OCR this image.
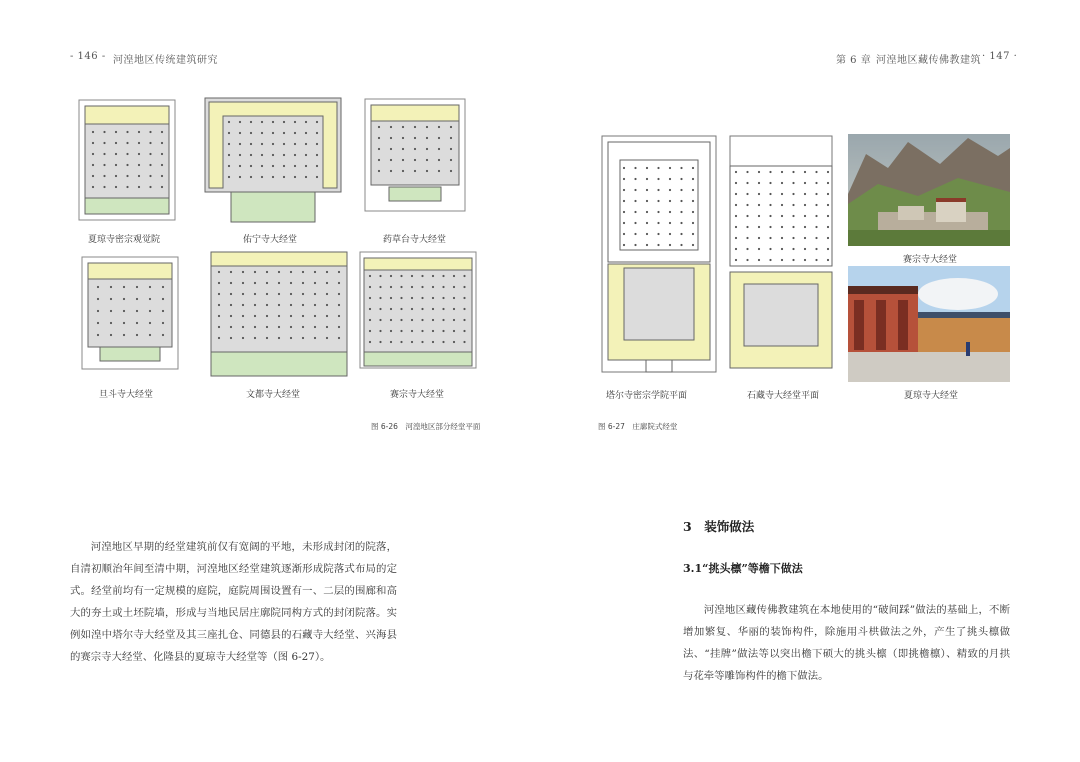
- 146 - 河湟地区传统建筑研究	第 6 章 河湟地区藏传佛教建筑 · 147 ·
夏琼寺密宗观觉院	佑宁寺大经堂	药草台寺大经堂
旦斗寺大经堂	文都寺大经堂	赛宗寺大经堂
图 6-26　河湟地区部分经堂平面
塔尔寺密宗学院平面	石藏寺大经堂平面
赛宗寺大经堂
夏琼寺大经堂
图 6-27　庄廓院式经堂

河湟地区早期的经堂建筑前仅有宽阔的平地，未形成封闭的院落，自清初顺治年间至清中期，河湟地区经堂建筑逐渐形成院落式布局的定式。经堂前均有一定规模的庭院，庭院周围设置有一、二层的围廊和高大的夯土或土坯院墙，形成与当地民居庄廓院同构方式的封闭院落。实例如湟中塔尔寺大经堂及其三座扎仓、同德县的石藏寺大经堂、兴海县的赛宗寺大经堂、化隆县的夏琼寺大经堂等（图 6-27）。

3　装饰做法
3.1“挑头檩”等檐下做法

河湟地区藏传佛教建筑在本地使用的“破间踩”做法的基础上，不断增加繁复、华丽的装饰构件，除施用斗栱做法之外，产生了挑头檩做法、“挂牌”做法等以突出檐下硕大的挑头檩（即挑檐檩）、精致的月拱与花牵等雕饰构件的檐下做法。
